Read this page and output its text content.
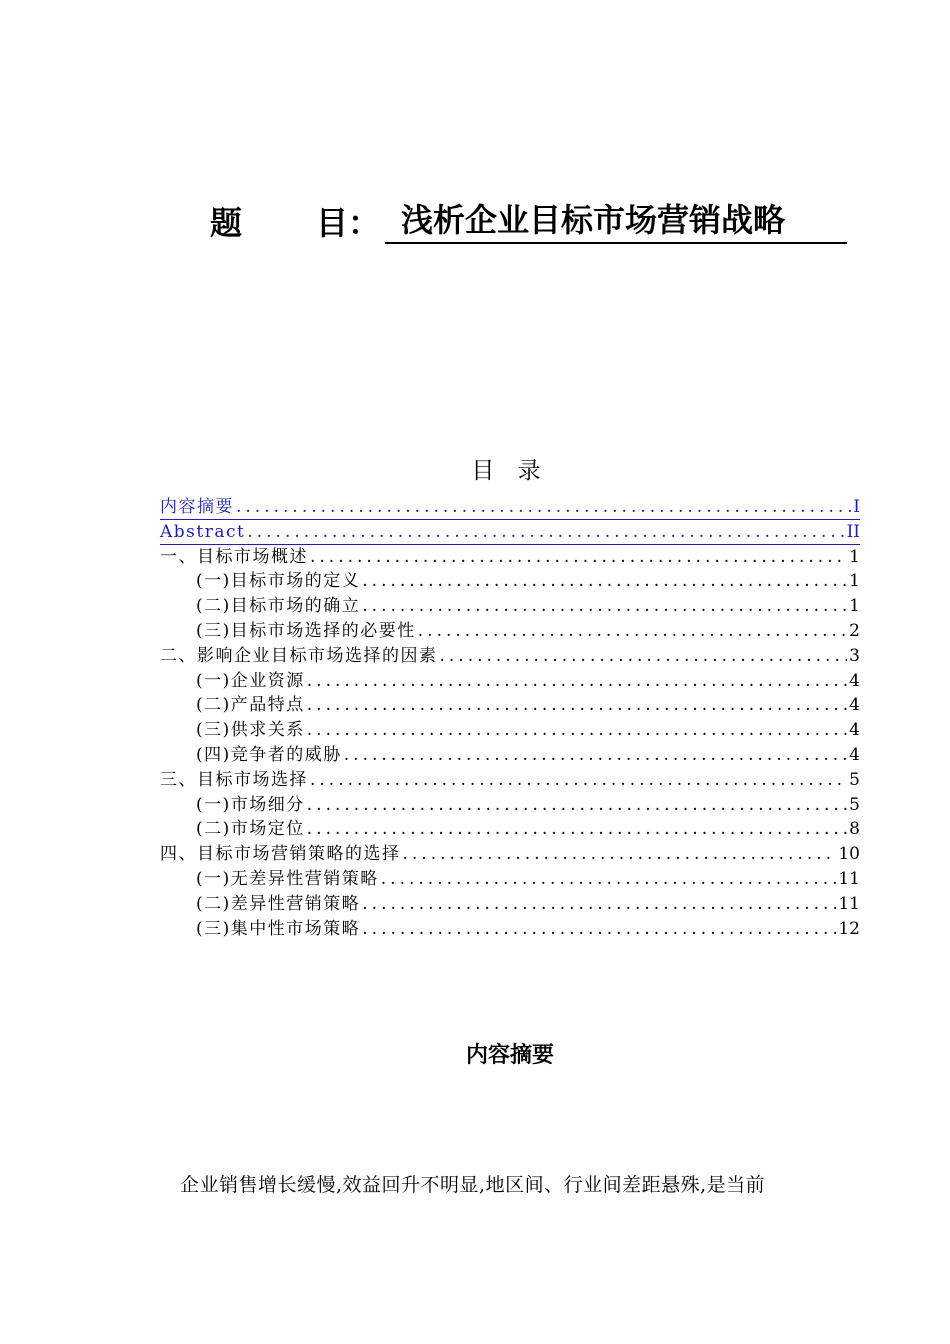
题 目： 浅析企业目标市场营销战略
目 录
内容摘要 .....	I
Abstract .....	II
一、目标市场概述 .....	1
(一)目标市场的定义 .....	1
(二)目标市场的确立 .....	1
(三)目标市场选择的必要性 .....	2
二、影响企业目标市场选择的因素 .....	3
(一)企业资源 .....	4
(二)产品特点 .....	4
(三)供求关系 .....	4
(四)竞争者的威胁 .....	4
三、目标市场选择 .....	5
(一)市场细分 .....	5
(二)市场定位 .....	8
四、目标市场营销策略的选择 .....	10
(一)无差异性营销策略 .....	11
(二)差异性营销策略 .....	11
(三)集中性市场策略 .....	12
内容摘要
企业销售增长缓慢,效益回升不明显,地区间、行业间差距悬殊,是当前
